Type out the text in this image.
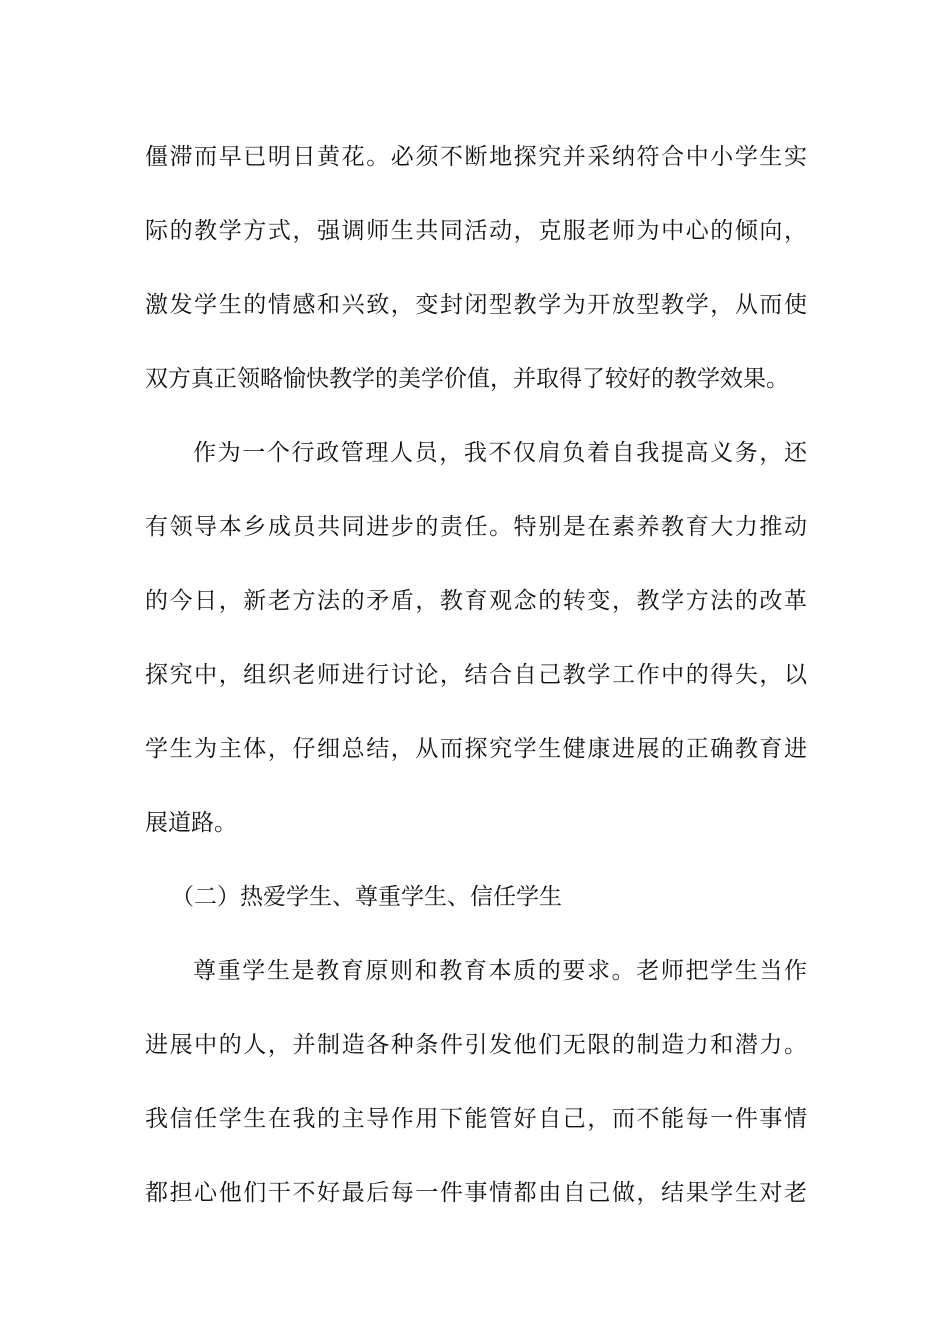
僵滞而早已明日黄花。必须不断地探究并采纳符合中小学生实
际的教学方式，强调师生共同活动，克服老师为中心的倾向，
激发学生的情感和兴致，变封闭型教学为开放型教学，从而使
双方真正领略愉快教学的美学价值，并取得了较好的教学效果。
作为一个行政管理人员，我不仅肩负着自我提高义务，还
有领导本乡成员共同进步的责任。特别是在素养教育大力推动
的今日，新老方法的矛盾，教育观念的转变，教学方法的改革
探究中，组织老师进行讨论，结合自己教学工作中的得失，以
学生为主体，仔细总结，从而探究学生健康进展的正确教育进
展道路。
（二）热爱学生、尊重学生、信任学生
尊重学生是教育原则和教育本质的要求。老师把学生当作
进展中的人，并制造各种条件引发他们无限的制造力和潜力。
我信任学生在我的主导作用下能管好自己，而不能每一件事情
都担心他们干不好最后每一件事情都由自己做，结果学生对老
